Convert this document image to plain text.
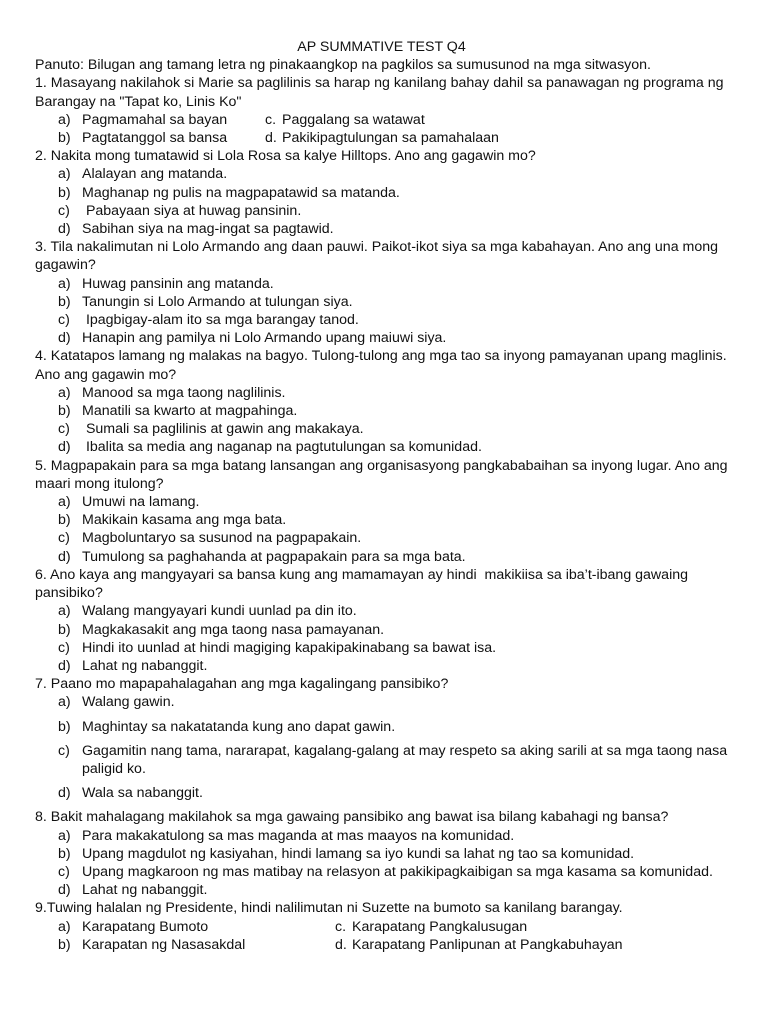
AP SUMMATIVE TEST Q4
Panuto: Bilugan ang tamang letra ng pinakaangkop na pagkilos sa sumusunod na mga sitwasyon.
1. Masayang nakilahok si Marie sa paglilinis sa harap ng kanilang bahay dahil sa panawagan ng programa ng Barangay na "Tapat ko, Linis Ko"
a) Pagmamahal sa bayan	c. Paggalang sa watawat
b) Pagtatanggol sa bansa	d. Pakikipagtulungan sa pamahalaan
2. Nakita mong tumatawid si Lola Rosa sa kalye Hilltops. Ano ang gagawin mo?
a) Alalayan ang matanda.
b) Maghanap ng pulis na magpapatawid sa matanda.
c) Pabayaan siya at huwag pansinin.
d) Sabihan siya na mag-ingat sa pagtawid.
3. Tila nakalimutan ni Lolo Armando ang daan pauwi. Paikot-ikot siya sa mga kabahayan. Ano ang una mong gagawin?
a) Huwag pansinin ang matanda.
b) Tanungin si Lolo Armando at tulungan siya.
c) Ipagbigay-alam ito sa mga barangay tanod.
d) Hanapin ang pamilya ni Lolo Armando upang maiuwi siya.
4. Katatapos lamang ng malakas na bagyo. Tulong-tulong ang mga tao sa inyong pamayanan upang maglinis. Ano ang gagawin mo?
a) Manood sa mga taong naglilinis.
b) Manatili sa kwarto at magpahinga.
c) Sumali sa paglilinis at gawin ang makakaya.
d) Ibalita sa media ang naganap na pagtutulungan sa komunidad.
5. Magpapakain para sa mga batang lansangan ang organisasyong pangkababaihan sa inyong lugar. Ano ang maari mong itulong?
a) Umuwi na lamang.
b) Makikain kasama ang mga bata.
c) Magboluntaryo sa susunod na pagpapakain.
d) Tumulong sa paghahanda at pagpapakain para sa mga bata.
6. Ano kaya ang mangyayari sa bansa kung ang mamamayan ay hindi  makikiisa sa iba’t-ibang gawaing pansibiko?
a) Walang mangyayari kundi uunlad pa din ito.
b) Magkakasakit ang mga taong nasa pamayanan.
c) Hindi ito uunlad at hindi magiging kapakipakinabang sa bawat isa.
d) Lahat ng nabanggit.
7. Paano mo mapapahalagahan ang mga kagalingang pansibiko?
a) Walang gawin.
b) Maghintay sa nakatatanda kung ano dapat gawin.
c) Gagamitin nang tama, nararapat, kagalang-galang at may respeto sa aking sarili at sa mga taong nasa paligid ko.
d) Wala sa nabanggit.
8. Bakit mahalagang makilahok sa mga gawaing pansibiko ang bawat isa bilang kabahagi ng bansa?
a) Para makakatulong sa mas maganda at mas maayos na komunidad.
b) Upang magdulot ng kasiyahan, hindi lamang sa iyo kundi sa lahat ng tao sa komunidad.
c) Upang magkaroon ng mas matibay na relasyon at pakikipagkaibigan sa mga kasama sa komunidad.
d) Lahat ng nabanggit.
9.Tuwing halalan ng Presidente, hindi nalilimutan ni Suzette na bumoto sa kanilang barangay.
a) Karapatang Bumoto	c. Karapatang Pangkalusugan
b) Karapatan ng Nasasakdal	d. Karapatang Panlipunan at Pangkabuhayan
